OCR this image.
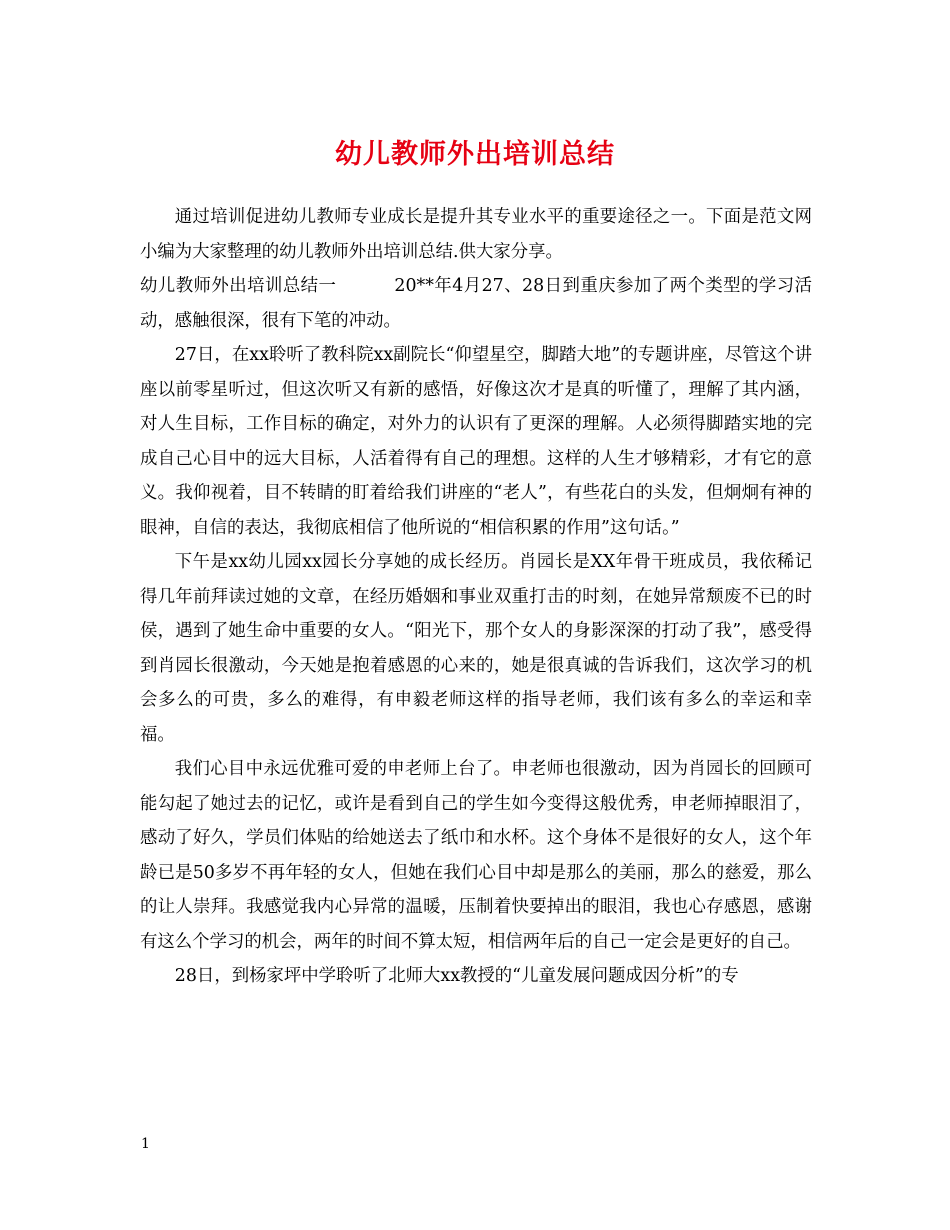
幼儿教师外出培训总结

通过培训促进幼儿教师专业成长是提升其专业水平的重要途径之一。下面是范文网小编为大家整理的幼儿教师外出培训总结.供大家分享。

幼儿教师外出培训总结一	20**年4月27、28日到重庆参加了两个类型的学习活动，感触很深，很有下笔的冲动。

27日，在xx聆听了教科院xx副院长“仰望星空，脚踏大地”的专题讲座，尽管这个讲座以前零星听过，但这次听又有新的感悟，好像这次才是真的听懂了，理解了其内涵，对人生目标，工作目标的确定，对外力的认识有了更深的理解。人必须得脚踏实地的完成自己心目中的远大目标，人活着得有自己的理想。这样的人生才够精彩，才有它的意义。我仰视着，目不转睛的盯着给我们讲座的“老人”，有些花白的头发，但炯炯有神的眼神，自信的表达，我彻底相信了他所说的“相信积累的作用”这句话。”

下午是xx幼儿园xx园长分享她的成长经历。肖园长是XX年骨干班成员，我依稀记得几年前拜读过她的文章，在经历婚姻和事业双重打击的时刻，在她异常颓废不已的时侯，遇到了她生命中重要的女人。“阳光下，那个女人的身影深深的打动了我”，感受得到肖园长很激动，今天她是抱着感恩的心来的，她是很真诚的告诉我们，这次学习的机会多么的可贵，多么的难得，有申毅老师这样的指导老师，我们该有多么的幸运和幸福。

我们心目中永远优雅可爱的申老师上台了。申老师也很激动，因为肖园长的回顾可能勾起了她过去的记忆，或许是看到自己的学生如今变得这般优秀，申老师掉眼泪了， 感动了好久，学员们体贴的给她送去了纸巾和水杯。这个身体不是很好的女人，这个年龄已是50多岁不再年轻的女人，但她在我们心目中却是那么的美丽，那么的慈爱，那么的让人崇拜。我感觉我内心异常的温暖，压制着快要掉出的眼泪，我也心存感恩，感谢有这么个学习的机会，两年的时间不算太短，相信两年后的自己一定会是更好的自己。

28日，到杨家坪中学聆听了北师大xx教授的“儿童发展问题成因分析”的专

1
